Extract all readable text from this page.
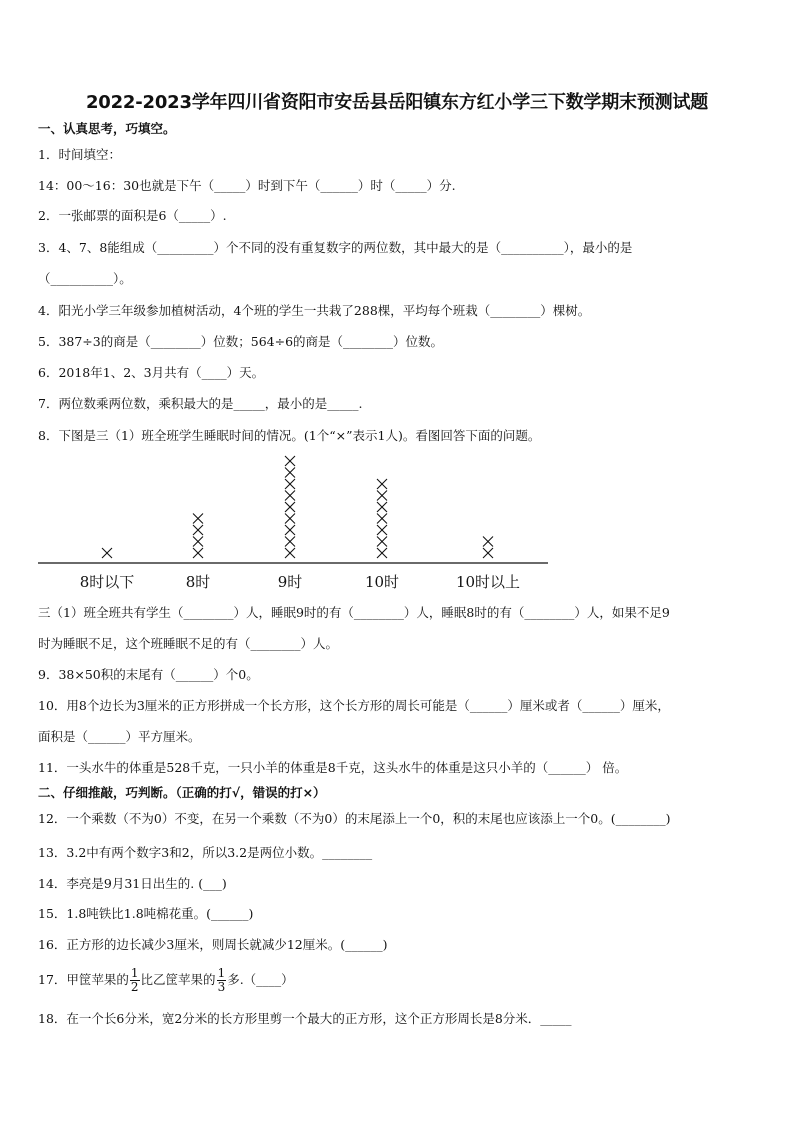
2022-2023学年四川省资阳市安岳县岳阳镇东方红小学三下数学期末预测试题
一、认真思考，巧填空。
1．时间填空：
14：00～16：30也就是下午（_____）时到下午（______）时（_____）分.
2．一张邮票的面积是6（_____）.
3．4、7、8能组成（_________）个不同的没有重复数字的两位数，其中最大的是（__________），最小的是
（__________）。
4．阳光小学三年级参加植树活动，4个班的学生一共栽了288棵，平均每个班栽（________）棵树。
5．387÷3的商是（________）位数；564÷6的商是（________）位数。
6．2018年1、2、3月共有（____）天。
7．两位数乘两位数，乘积最大的是_____，最小的是_____.
8．下图是三（1）班全班学生睡眠时间的情况。(1个“×”表示1人)。看图回答下面的问题。
8时以下	8时	9时	10时	10时以上
三（1）班全班共有学生（________）人，睡眠9时的有（________）人，睡眠8时的有（________）人，如果不足9
时为睡眠不足，这个班睡眠不足的有（________）人。
9．38×50积的末尾有（______）个0。
10．用8个边长为3厘米的正方形拼成一个长方形，这个长方形的周长可能是（______）厘米或者（______）厘米，
面积是（______）平方厘米。
11．一头水牛的体重是528千克，一只小羊的体重是8千克，这头水牛的体重是这只小羊的（______） 倍。
二、仔细推敲，巧判断。（正确的打√，错误的打×）
12．一个乘数（不为0）不变，在另一个乘数（不为0）的末尾添上一个0，积的末尾也应该添上一个0。(________)
13．3.2中有两个数字3和2，所以3.2是两位小数。________
14．李亮是9月31日出生的. (___)
15．1.8吨铁比1.8吨棉花重。(______)
16．正方形的边长减少3厘米，则周长就减少12厘米。(______)
17．甲筐苹果的 $\frac{1}{2}$ 比乙筐苹果的 $\frac{1}{3}$ 多.（____）
18．在一个长6分米，宽2分米的长方形里剪一个最大的正方形，这个正方形周长是8分米．_____
